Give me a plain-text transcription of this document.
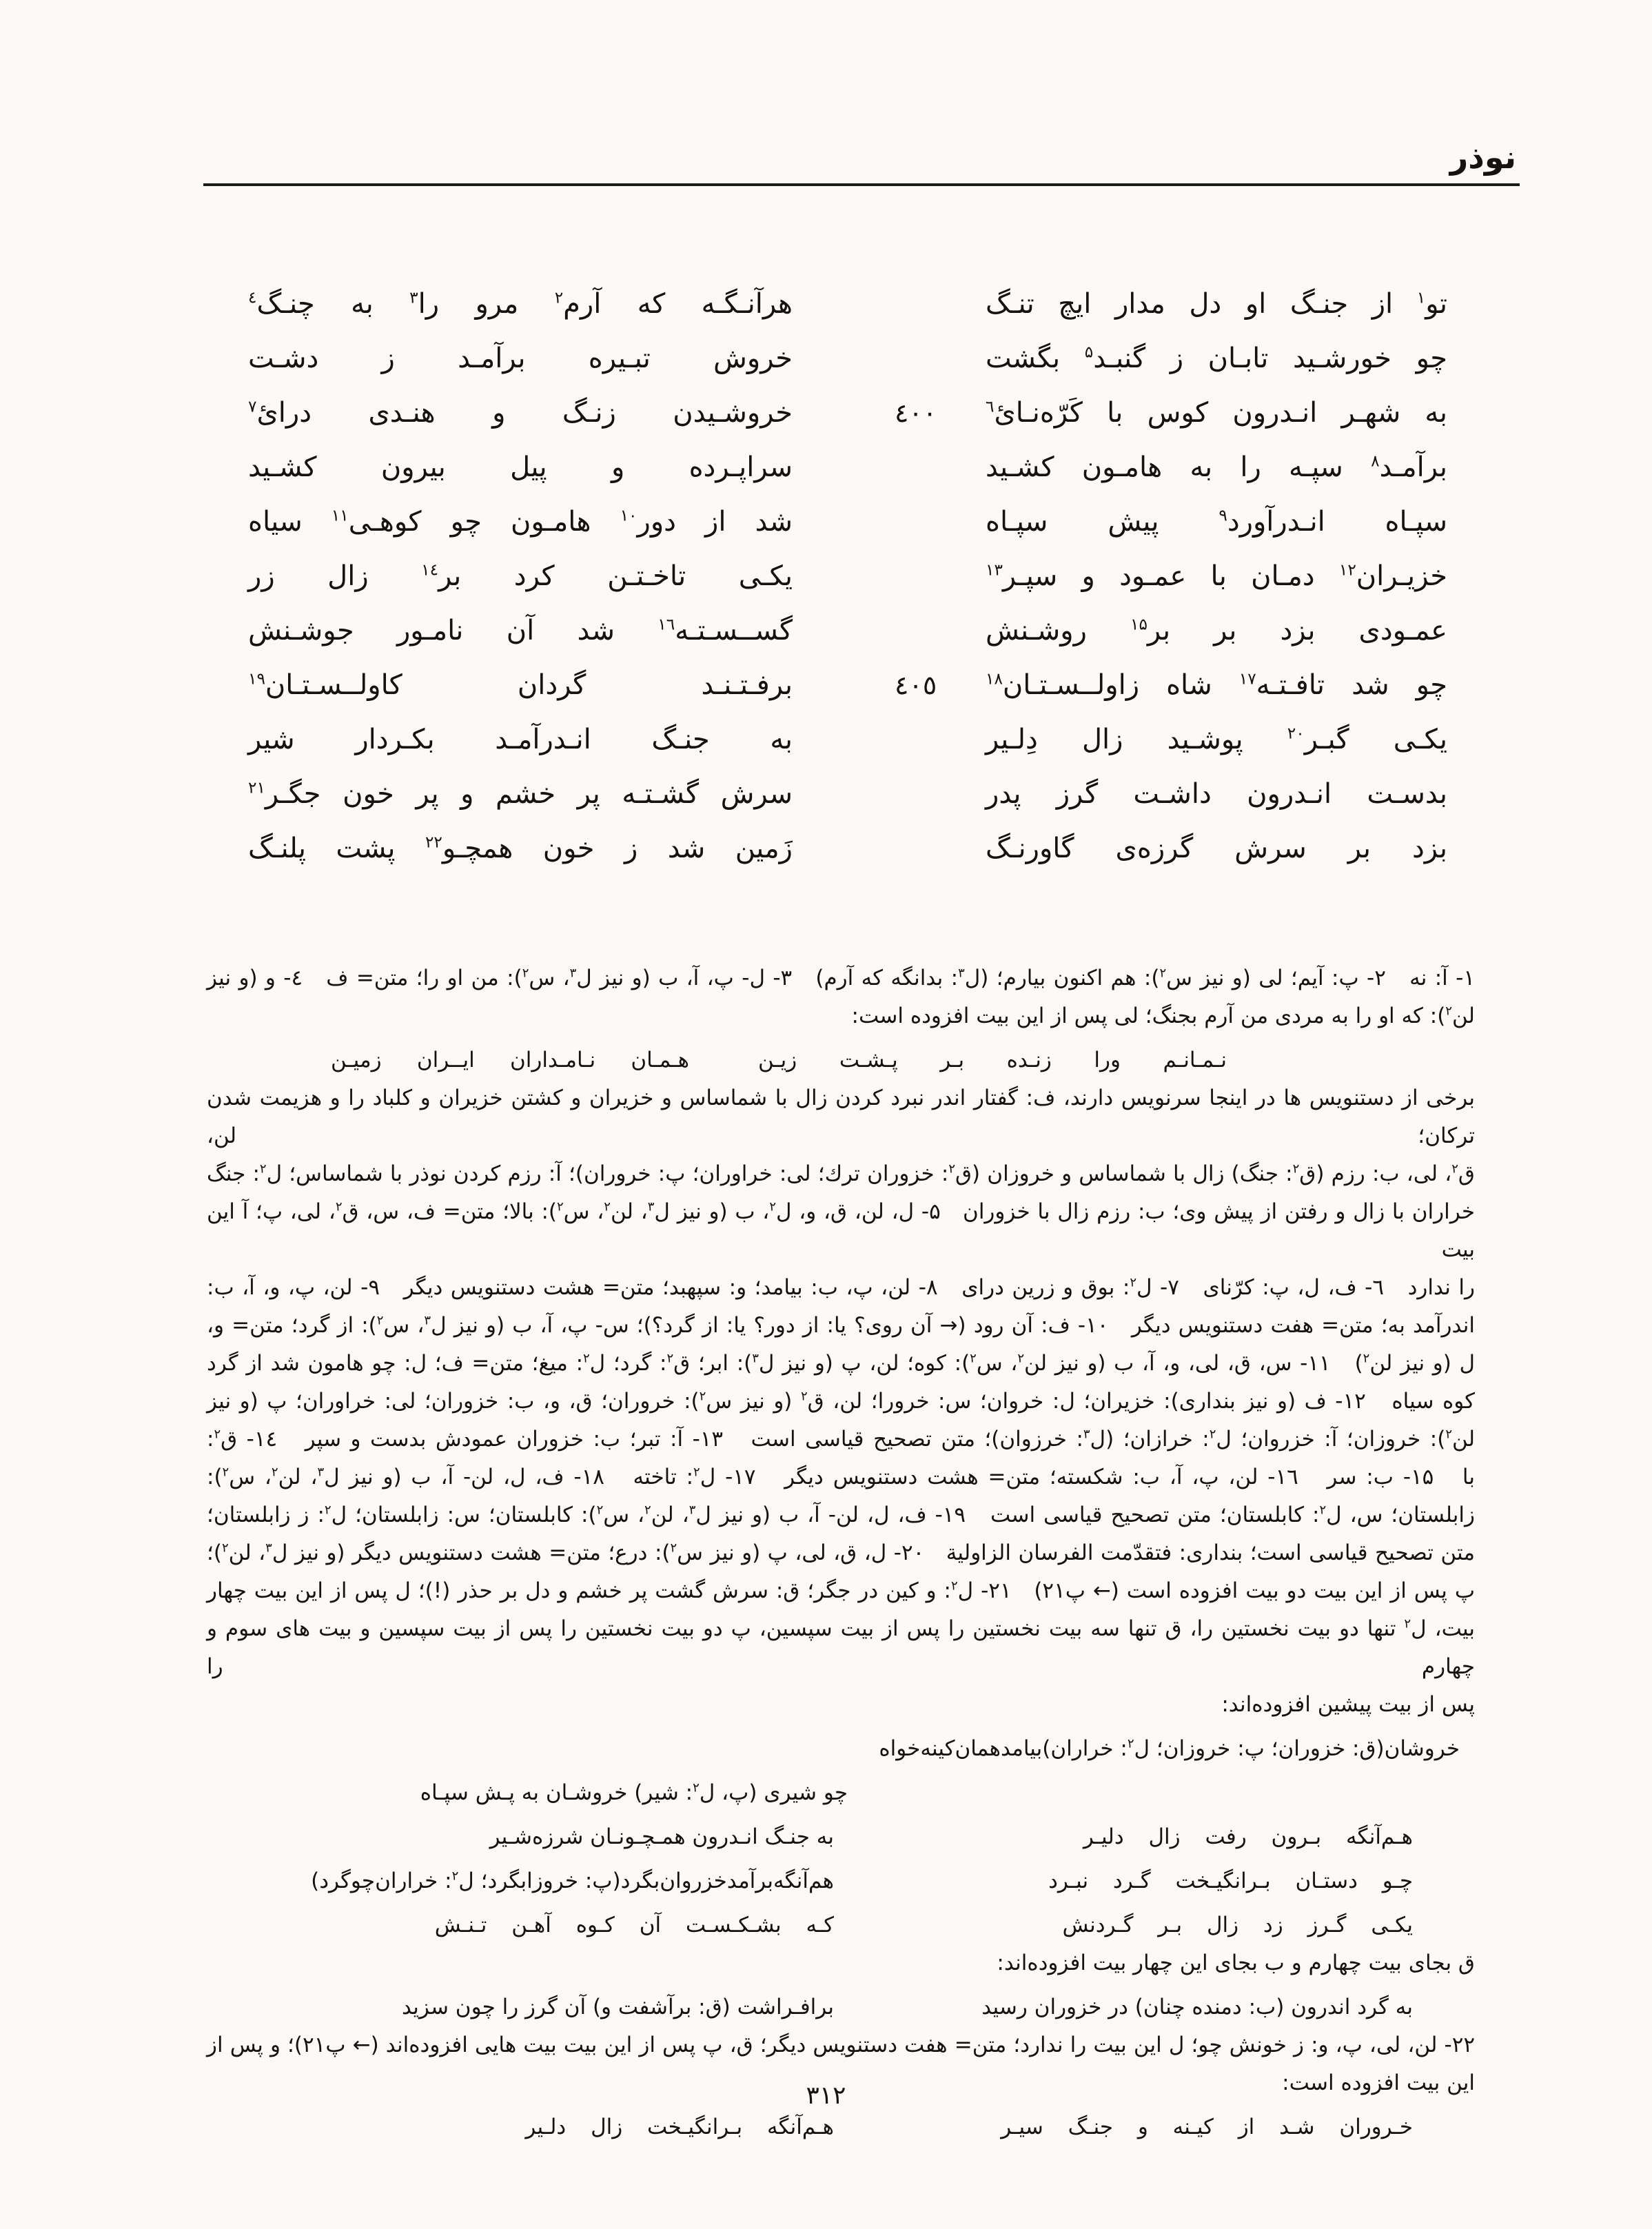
نوذر
تو$^۱$ از جنـگ او دل مدار ایچ تنـگ
هرآنـگـه که آرم$^۲$ مرو را$^۳$ به چنـگ$^٤$
چو خورشـید تابـان ز گنبـد$^۵$ بگشت
خروش تبـیره برآمـد ز دشـت
٤٠٠	به شهـر انـدرون کوس با کَرّه‌نـایٔ$^٦$
خروشـیدن زنـگ و هنـدی درایٔ$^۷$
برآمـد$^۸$ سپـه را به هامـون کشـید
سراپـرده و پیل بیرون کشـید
سپـاه انـدرآورد$^۹$ پیش سپـاه
شد از دور$^{۱۰}$ هامـون چو کوهـی$^{۱۱}$ سیاه
خزیـران$^{۱۲}$ دمـان با عمـود و سپـر$^{۱۳}$
یکـی تاخـتـن کرد بر$^{۱٤}$ زال زر
عمـودی بزد بر بر$^{۱۵}$ روشـنش
گســسـتـه$^{۱٦}$ شد آن نامـور جوشـنش
٤٠٥	چو شد تافـتـه$^{۱۷}$ شاه زاولــسـتـان$^{۱۸}$
برفـتـنـد گردان کاولــسـتـان$^{۱۹}$
یکـی گبـر$^{۲۰}$ پوشـید زال دِلـیر
به جنـگ انـدرآمـد بکـردار شیر
بدسـت انـدرون داشـت گرز پدر
سرش گشـتـه پر خشم و پر خون جگـر$^{۲۱}$
بزد بر سرش گرزه‌ی گاورنـگ
زَمین شد ز خون همچـو$^{۲۲}$ پشت پلنـگ
۱- آ: نه   ۲- پ: آیم؛ لی (و نیز س$^۲$): هم اکنون بیارم؛ (ل$^۳$: بدانگه که آرم)   ۳- ل- پ، آ، ب (و نیز ل$^۳$، س$^۲$): من او را؛ متن= ف   ٤- و (و نیز
لن$^۲$): که او را به مردی من آرم بجنگ؛ لی پس از این بیت افزوده است:
نـمـانـم ورا زنـده بـر پـشـت زیـن
هـمـان نـامـداران ایــران زمیـن
برخی از دستنویس ها در اینجا سرنویس دارند، ف: گفتار اندر نبرد کردن زال با شماساس و خزیران و کشتن خزیران و کلباد را و هزیمت شدن ترکان؛ لن،
ق$^۲$، لی، ب: رزم (ق$^۲$: جنگ) زال با شماساس و خروزان (ق$^۲$: خزوران ترك؛ لی: خراوران؛ پ: خروران)؛ آ: رزم کردن نوذر با شماساس؛ ل$^۲$: جنگ
خراران با زال و رفتن از پیش وی؛ ب: رزم زال با خزوران   ۵- ل، لن، ق، و، ل$^۲$، ب (و نیز ل$^۳$، لن$^۲$، س$^۲$): بالا؛ متن= ف، س، ق$^۲$، لی، پ؛ آ این بیت
را ندارد   ٦- ف، ل، پ: کرّنای   ۷- ل$^۲$: بوق و زرین درای   ۸- لن، پ، ب: بیامد؛ و: سپهبد؛ متن= هشت دستنویس دیگر   ۹- لن، پ، و، آ، ب:
اندرآمد به؛ متن= هفت دستنویس دیگر   ۱۰- ف: آن رود (→ آن روی؟ یا: از دور؟ یا: از گرد؟)؛ س- پ، آ، ب (و نیز ل$^۳$، س$^۲$): از گرد؛ متن= و،
ل (و نیز لن$^۲$)   ۱۱- س، ق، لی، و، آ، ب (و نیز لن$^۲$، س$^۲$): کوه؛ لن، پ (و نیز ل$^۳$): ابر؛ ق$^۲$: گرد؛ ل$^۲$: میغ؛ متن= ف؛ ل: چو هامون شد از گرد
کوه سیاه   ۱۲- ف (و نیز بنداری): خزیران؛ ل: خروان؛ س: خرورا؛ لن، ق$^۲$ (و نیز س$^۲$): خروران؛ ق، و، ب: خزوران؛ لی: خراوران؛ پ (و نیز
لن$^۲$): خروزان؛ آ: خزروان؛ ل$^۲$: خرازان؛ (ل$^۳$: خرزوان)؛ متن تصحیح قیاسی است   ۱۳- آ: تبر؛ ب: خزوران عمودش بدست و سپر   ۱٤- ق$^۲$:
با   ۱۵- ب: سر   ۱٦- لن، پ، آ، ب: شکسته؛ متن= هشت دستنویس دیگر   ۱۷- ل$^۲$: تاخته   ۱۸- ف، ل، لن- آ، ب (و نیز ل$^۳$، لن$^۲$، س$^۲$):
زابلستان؛ س، ل$^۲$: کابلستان؛ متن تصحیح قیاسی است   ۱۹- ف، ل، لن- آ، ب (و نیز ل$^۳$، لن$^۲$، س$^۲$): کابلستان؛ س: زابلستان؛ ل$^۲$: ز زابلستان؛
متن تصحیح قیاسی است؛ بنداری: فتقدّمت الفرسان الزاولیة   ۲۰- ل، ق، لی، پ (و نیز س$^۲$): درع؛ متن= هشت دستنویس دیگر (و نیز ل$^۳$، لن$^۲$)؛
پ پس از این بیت دو بیت افزوده است (← پ۲۱)   ۲۱- ل$^۲$: و کین در جگر؛ ق: سرش گشت پر خشم و دل بر حذر (!)؛ ل پس از این بیت چهار
بیت، ل$^۲$ تنها دو بیت نخستین را، ق تنها سه بیت نخستین را پس از بیت سپسین، پ دو بیت نخستین را پس از بیت سپسین و بیت های سوم و چهارم را
پس از بیت پیشین افزوده‌اند:
خروشان(ق: خزوران؛ پ: خروزان؛ ل$^۲$: خراران)بیامدهمان‌کینه‌خواه
چو شیری (پ، ل$^۲$: شیر) خروشـان به پـش سپـاه
هـم‌آنگه بـرون رفت زال دلیـر
به جنـگ انـدرون همـچـونـان شرزه‌شـیر
چـو دستـان بـرانگیـخت گـرد نبـرد
هم‌آنگه‌برآمدخزروان‌بگرد(پ: خروزابگرد؛ ل$^۲$: خراران‌چوگرد)
یکـی گـرز زد زال بـر گـردنش
کـه بشـکـسـت آن کـوه آهـن تـنـش
ق بجای بیت چهارم و ب بجای این چهار بیت افزوده‌اند:
به گرد اندرون (ب: دمنده چنان) در خزوران رسید
برافـراشت (ق: برآشفت و) آن گرز را چون سزید
۲۲- لن، لی، پ، و: ز خونش چو؛ ل این بیت را ندارد؛ متن= هفت دستنویس دیگر؛ ق، پ پس از این بیت بیت هایی افزوده‌اند (← پ۲۱)؛ و پس از
این بیت افزوده است:
خـروران شـد از کیـنه و جنـگ سیـر
هـم‌آنگه بـرانگیـخت زال دلـیر
٣١٢
